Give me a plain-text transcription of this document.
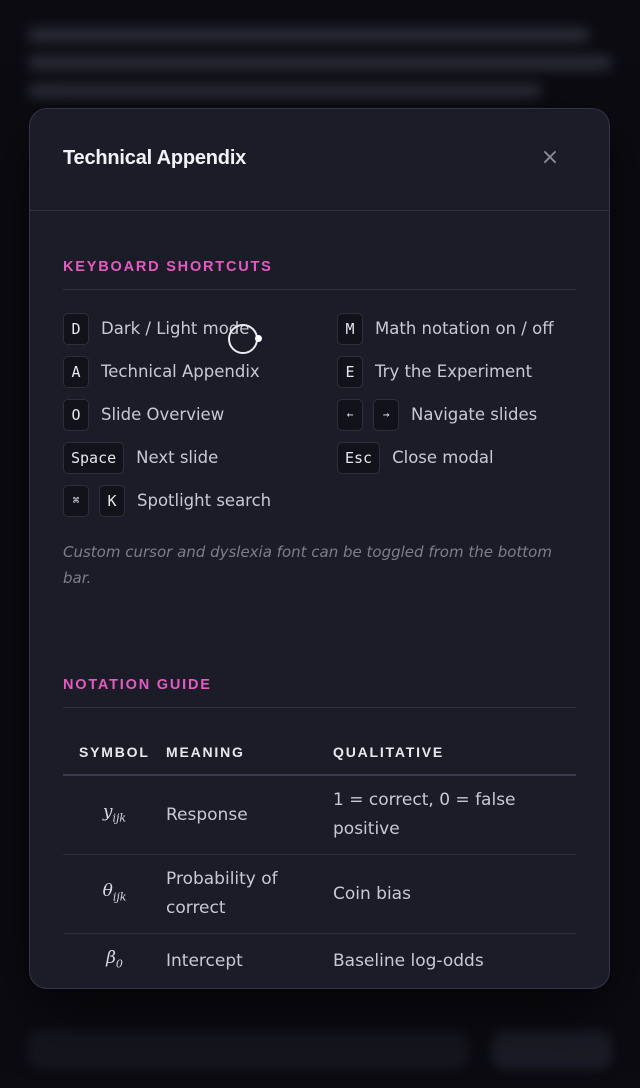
Technical Appendix	×
KEYBOARD SHORTCUTS
D	Dark / Light mode	M	Math notation on / off
A	Technical Appendix	E	Try the Experiment
O	Slide Overview	←	→	Navigate slides
Space	Next slide	Esc	Close modal
⌘	K	Spotlight search

Custom cursor and dyslexia font can be toggled from the bottom bar.

NOTATION GUIDE
SYMBOL	MEANING	QUALITATIVE
$y_{ijk}$	Response	1 = correct, 0 = false positive
$\theta_{ijk}$	Probability of correct	Coin bias
$\beta_0$	Intercept	Baseline log-odds
